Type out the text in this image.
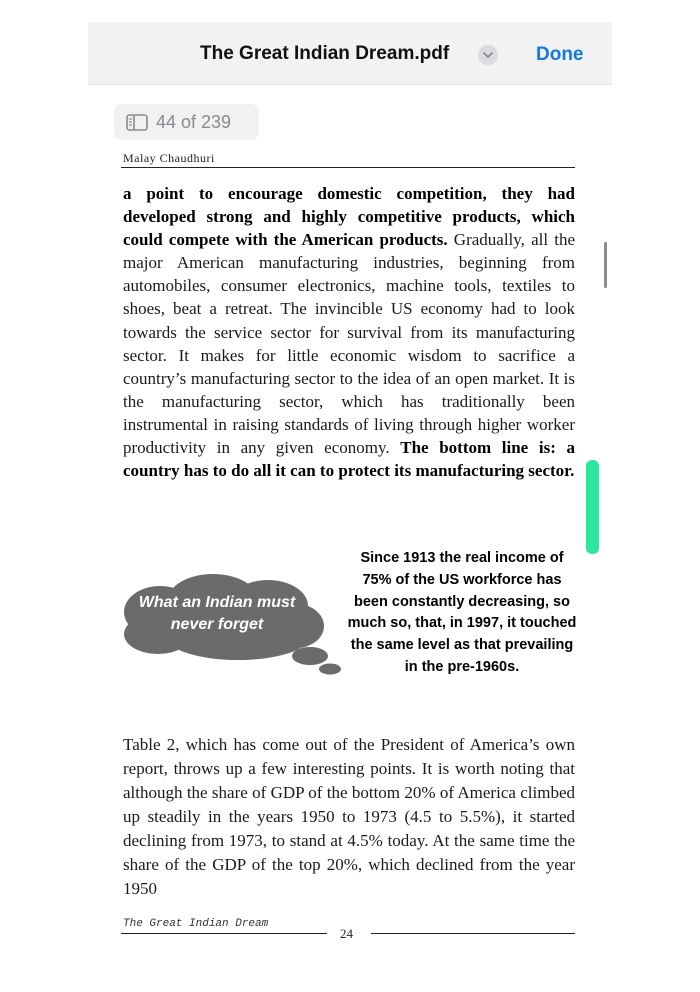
The Great Indian Dream.pdf	Done
44 of 239
Malay Chaudhuri
a point to encourage domestic competition, they had developed strong and highly competitive products, which could compete with the American products. Gradually, all the major American manufacturing industries, beginning from automobiles, consumer electronics, machine tools, textiles to shoes, beat a retreat. The invincible US economy had to look towards the service sector for survival from its manufacturing sector. It makes for little economic wisdom to sacrifice a country’s manufacturing sector to the idea of an open market. It is the manufacturing sector, which has traditionally been instrumental in raising standards of living through higher worker productivity in any given economy. The bottom line is: a country has to do all it can to protect its manufacturing sector.
What an Indian must never forget
Since 1913 the real income of 75% of the US workforce has been constantly decreasing, so much so, that, in 1997, it touched the same level as that prevailing in the pre-1960s.
Table 2, which has come out of the President of America’s own report, throws up a few interesting points. It is worth noting that although the share of GDP of the bottom 20% of America climbed up steadily in the years 1950 to 1973 (4.5 to 5.5%), it started declining from 1973, to stand at 4.5% today. At the same time the share of the GDP of the top 20%, which declined from the year 1950
The Great Indian Dream
24
